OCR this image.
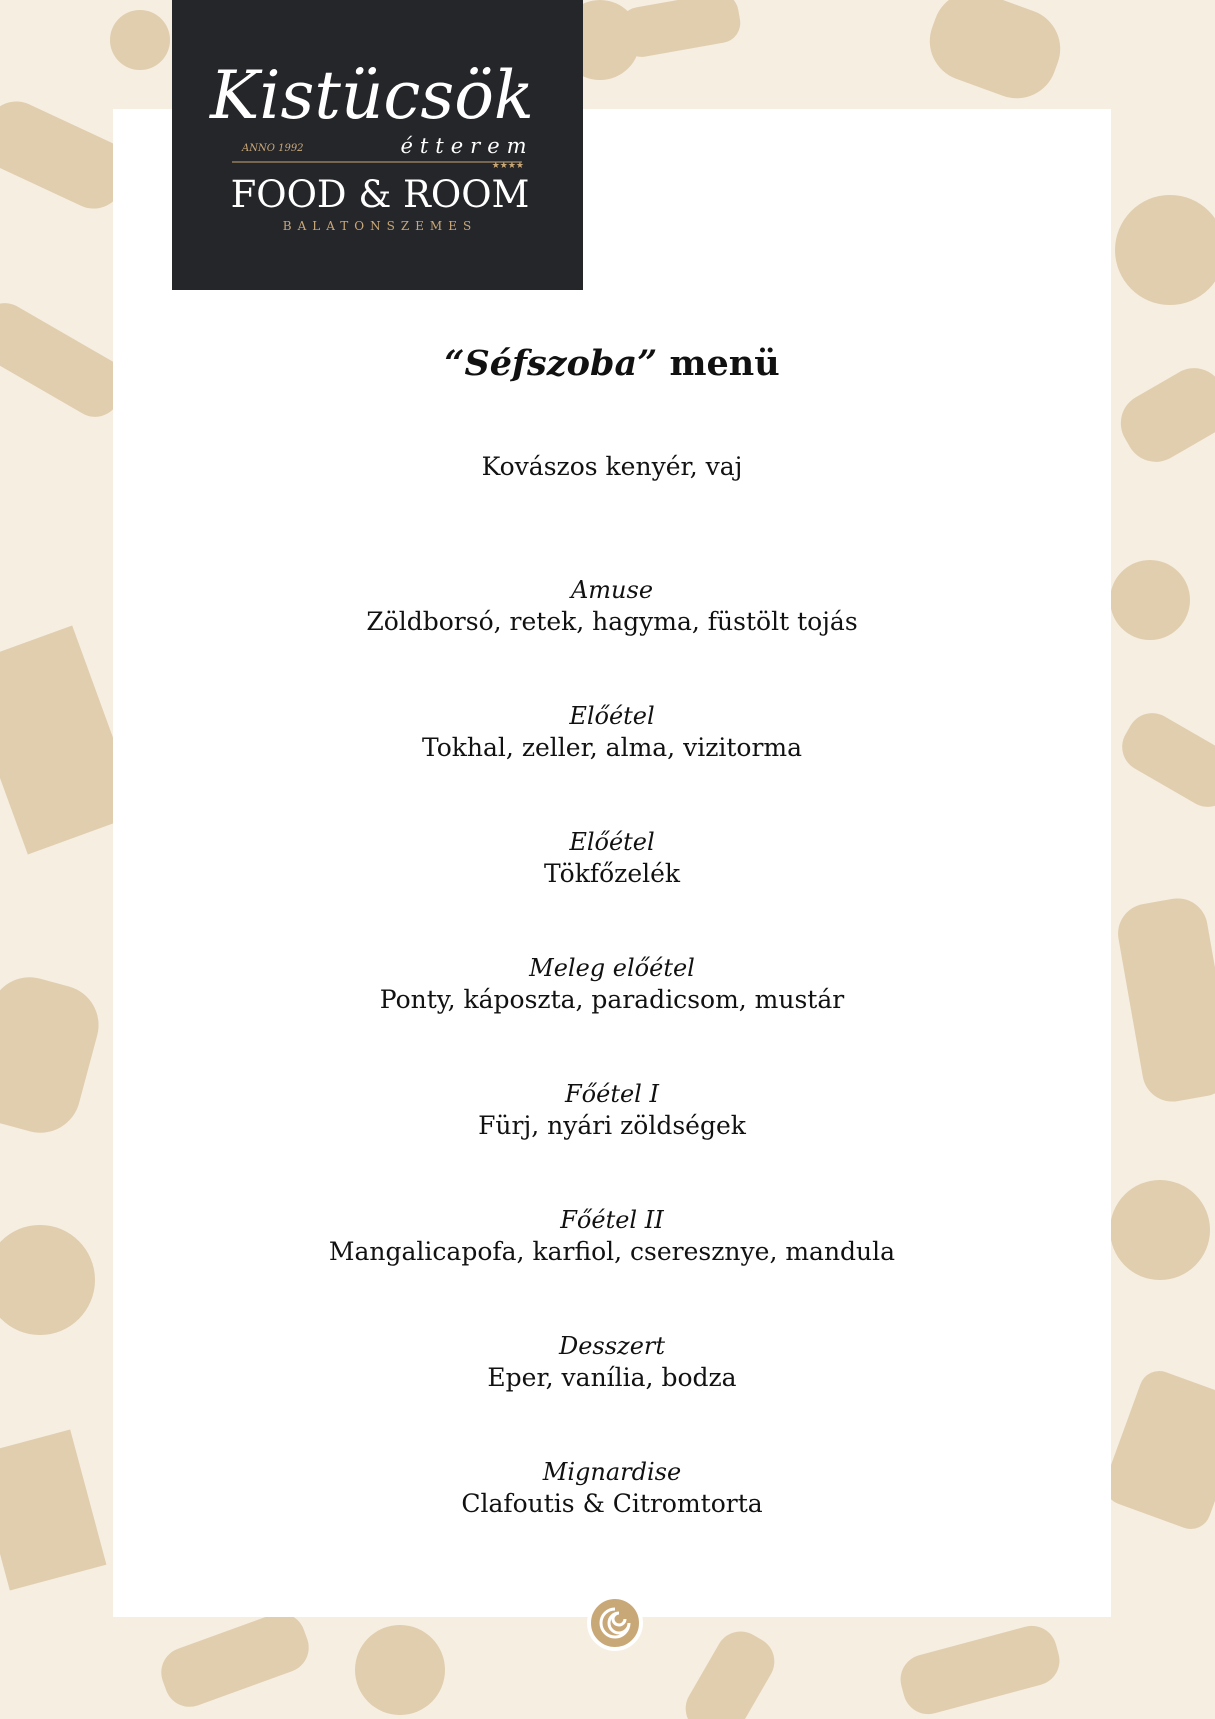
Kistücsök
étterem
ANNO 1992
★★★★
FOOD & ROOM
BALATONSZEMES
“Séfszoba” menü
Kovászos kenyér, vaj
Amuse
Zöldborsó, retek, hagyma, füstölt tojás
Előétel
Tokhal, zeller, alma, vizitorma
Előétel
Tökfőzelék
Meleg előétel
Ponty, káposzta, paradicsom, mustár
Főétel I
Fürj, nyári zöldségek
Főétel II
Mangalicapofa, karfiol, cseresznye, mandula
Desszert
Eper, vanília, bodza
Mignardise
Clafoutis & Citromtorta
